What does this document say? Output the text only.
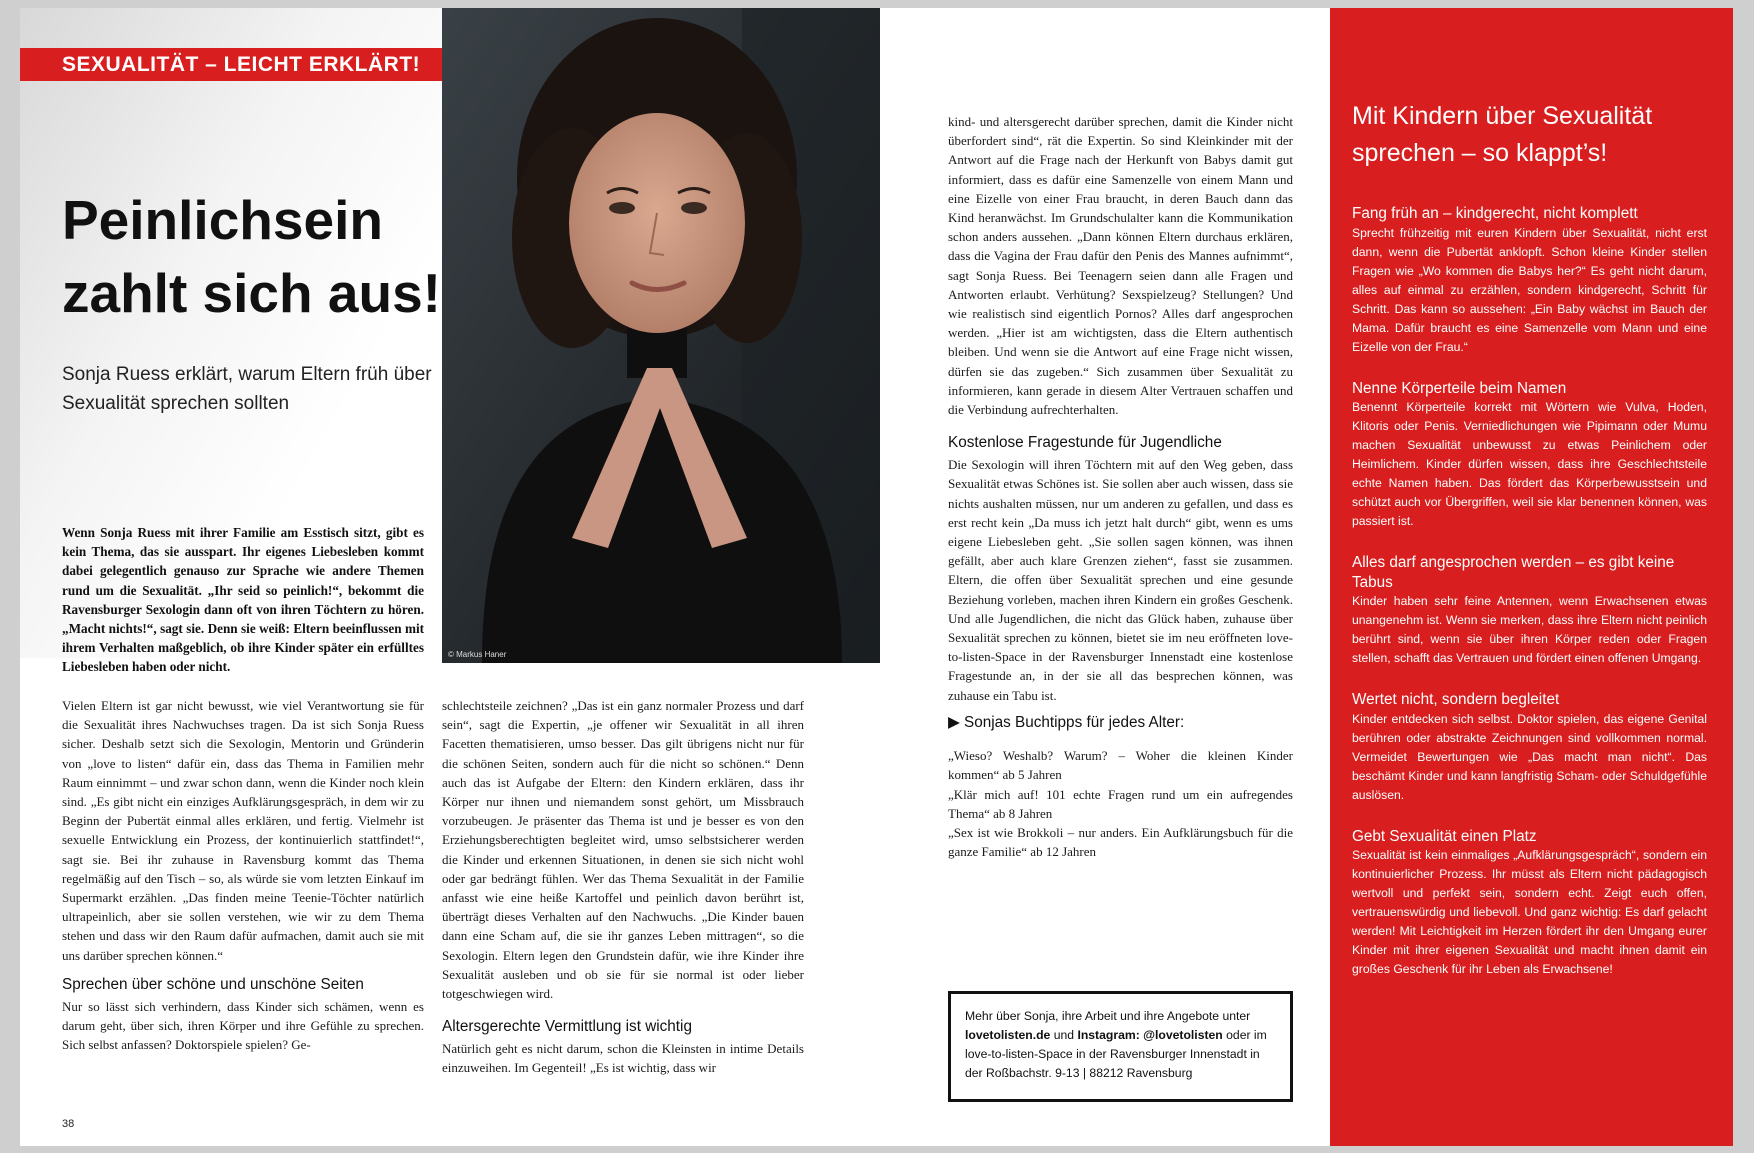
SEXUALITÄT – LEICHT ERKLÄRT!
Peinlichsein
zahlt sich aus!

Sonja Ruess erklärt, warum Eltern früh über Sexualität sprechen sollten

© Markus Haner

Wenn Sonja Ruess mit ihrer Familie am Esstisch sitzt, gibt es kein Thema, das sie ausspart. Ihr eigenes Liebesleben kommt dabei gelegentlich genauso zur Sprache wie andere Themen rund um die Sexualität. „Ihr seid so peinlich!“, bekommt die Ravensburger Sexologin dann oft von ihren Töchtern zu hören. „Macht nichts!“, sagt sie. Denn sie weiß: Eltern beeinflussen mit ihrem Verhalten maßgeblich, ob ihre Kinder später ein erfülltes Liebesleben haben oder nicht.

Vielen Eltern ist gar nicht bewusst, wie viel Verantwortung sie für die Sexualität ihres Nachwuchses tragen. Da ist sich Sonja Ruess sicher. Deshalb setzt sich die Sexologin, Mentorin und Gründerin von „love to listen“ dafür ein, dass das Thema in Familien mehr Raum einnimmt – und zwar schon dann, wenn die Kinder noch klein sind. „Es gibt nicht ein einziges Aufklärungsgespräch, in dem wir zu Beginn der Pubertät einmal alles erklären, und fertig. Vielmehr ist sexuelle Entwicklung ein Prozess, der kontinuierlich stattfindet!“, sagt sie. Bei ihr zuhause in Ravensburg kommt das Thema regelmäßig auf den Tisch – so, als würde sie vom letzten Einkauf im Supermarkt erzählen. „Das finden meine Teenie-Töchter natürlich ultrapeinlich, aber sie sollen verstehen, wie wir zu dem Thema stehen und dass wir den Raum dafür aufmachen, damit auch sie mit uns darüber sprechen können.“

Sprechen über schöne und unschöne Seiten

Nur so lässt sich verhindern, dass Kinder sich schämen, wenn es darum geht, über sich, ihren Körper und ihre Gefühle zu sprechen. Sich selbst anfassen? Doktorspiele spielen? Ge-

schlechtsteile zeichnen? „Das ist ein ganz normaler Prozess und darf sein“, sagt die Expertin, „je offener wir Sexualität in all ihren Facetten thematisieren, umso besser. Das gilt übrigens nicht nur für die schönen Seiten, sondern auch für die nicht so schönen.“ Denn auch das ist Aufgabe der Eltern: den Kindern erklären, dass ihr Körper nur ihnen und niemandem sonst gehört, um Missbrauch vorzubeugen. Je präsenter das Thema ist und je besser es von den Erziehungsberechtigten begleitet wird, umso selbstsicherer werden die Kinder und erkennen Situationen, in denen sie sich nicht wohl oder gar bedrängt fühlen. Wer das Thema Sexualität in der Familie anfasst wie eine heiße Kartoffel und peinlich davon berührt ist, überträgt dieses Verhalten auf den Nachwuchs. „Die Kinder bauen dann eine Scham auf, die sie ihr ganzes Leben mittragen“, so die Sexologin. Eltern legen den Grundstein dafür, wie ihre Kinder ihre Sexualität ausleben und ob sie für sie normal ist oder lieber totgeschwiegen wird.

Altersgerechte Vermittlung ist wichtig

Natürlich geht es nicht darum, schon die Kleinsten in intime Details einzuweihen. Im Gegenteil! „Es ist wichtig, dass wir

38

kind- und altersgerecht darüber sprechen, damit die Kinder nicht überfordert sind“, rät die Expertin. So sind Kleinkinder mit der Antwort auf die Frage nach der Herkunft von Babys damit gut informiert, dass es dafür eine Samenzelle von einem Mann und eine Eizelle von einer Frau braucht, in deren Bauch dann das Kind heranwächst. Im Grundschulalter kann die Kommunikation schon anders aussehen. „Dann können Eltern durchaus erklären, dass die Vagina der Frau dafür den Penis des Mannes aufnimmt“, sagt Sonja Ruess. Bei Teenagern seien dann alle Fragen und Antworten erlaubt. Verhütung? Sexspielzeug? Stellungen? Und wie realistisch sind eigentlich Pornos? Alles darf angesprochen werden. „Hier ist am wichtigsten, dass die Eltern authentisch bleiben. Und wenn sie die Antwort auf eine Frage nicht wissen, dürfen sie das zugeben.“ Sich zusammen über Sexualität zu informieren, kann gerade in diesem Alter Vertrauen schaffen und die Verbindung aufrechterhalten.

Kostenlose Fragestunde für Jugendliche

Die Sexologin will ihren Töchtern mit auf den Weg geben, dass Sexualität etwas Schönes ist. Sie sollen aber auch wissen, dass sie nichts aushalten müssen, nur um anderen zu gefallen, und dass es erst recht kein „Da muss ich jetzt halt durch“ gibt, wenn es ums eigene Liebesleben geht. „Sie sollen sagen können, was ihnen gefällt, aber auch klare Grenzen ziehen“, fasst sie zusammen. Eltern, die offen über Sexualität sprechen und eine gesunde Beziehung vorleben, machen ihren Kindern ein großes Geschenk. Und alle Jugendlichen, die nicht das Glück haben, zuhause über Sexualität sprechen zu können, bietet sie im neu eröffneten love-to-listen-Space in der Ravensburger Innenstadt eine kostenlose Fragestunde an, in der sie all das besprechen können, was zuhause ein Tabu ist.

▶ Sonjas Buchtipps für jedes Alter:

„Wieso? Weshalb? Warum? – Woher die kleinen Kinder kommen“ ab 5 Jahren

„Klär mich auf! 101 echte Fragen rund um ein aufregendes Thema“ ab 8 Jahren

„Sex ist wie Brokkoli – nur anders. Ein Aufklärungsbuch für die ganze Familie“ ab 12 Jahren

Mehr über Sonja, ihre Arbeit und ihre Angebote unter lovetolisten.de und Instagram: @lovetolisten oder im love-to-listen-Space in der Ravensburger Innenstadt in der Roßbachstr. 9-13 | 88212 Ravensburg
Mit Kindern über Sexualität sprechen – so klappt’s!
Fang früh an – kindgerecht, nicht komplett

Sprecht frühzeitig mit euren Kindern über Sexualität, nicht erst dann, wenn die Pubertät anklopft. Schon kleine Kinder stellen Fragen wie „Wo kommen die Babys her?“ Es geht nicht darum, alles auf einmal zu erzählen, sondern kindgerecht, Schritt für Schritt. Das kann so aussehen: „Ein Baby wächst im Bauch der Mama. Dafür braucht es eine Samenzelle vom Mann und eine Eizelle von der Frau.“

Nenne Körperteile beim Namen

Benennt Körperteile korrekt mit Wörtern wie Vulva, Hoden, Klitoris oder Penis. Verniedlichungen wie Pipimann oder Mumu machen Sexualität unbewusst zu etwas Peinlichem oder Heimlichem. Kinder dürfen wissen, dass ihre Geschlechtsteile echte Namen haben. Das fördert das Körperbewusstsein und schützt auch vor Übergriffen, weil sie klar benennen können, was passiert ist.

Alles darf angesprochen werden – es gibt keine Tabus

Kinder haben sehr feine Antennen, wenn Erwachsenen etwas unangenehm ist. Wenn sie merken, dass ihre Eltern nicht peinlich berührt sind, wenn sie über ihren Körper reden oder Fragen stellen, schafft das Vertrauen und fördert einen offenen Umgang.

Wertet nicht, sondern begleitet

Kinder entdecken sich selbst. Doktor spielen, das eigene Genital berühren oder abstrakte Zeichnungen sind vollkommen normal. Vermeidet Bewertungen wie „Das macht man nicht“. Das beschämt Kinder und kann langfristig Scham- oder Schuldgefühle auslösen.

Gebt Sexualität einen Platz

Sexualität ist kein einmaliges „Aufklärungsgespräch“, sondern ein kontinuierlicher Prozess. Ihr müsst als Eltern nicht pädagogisch wertvoll und perfekt sein, sondern echt. Zeigt euch offen, vertrauenswürdig und liebevoll. Und ganz wichtig: Es darf gelacht werden! Mit Leichtigkeit im Herzen fördert ihr den Umgang eurer Kinder mit ihrer eigenen Sexualität und macht ihnen damit ein großes Geschenk für ihr Leben als Erwachsene!
